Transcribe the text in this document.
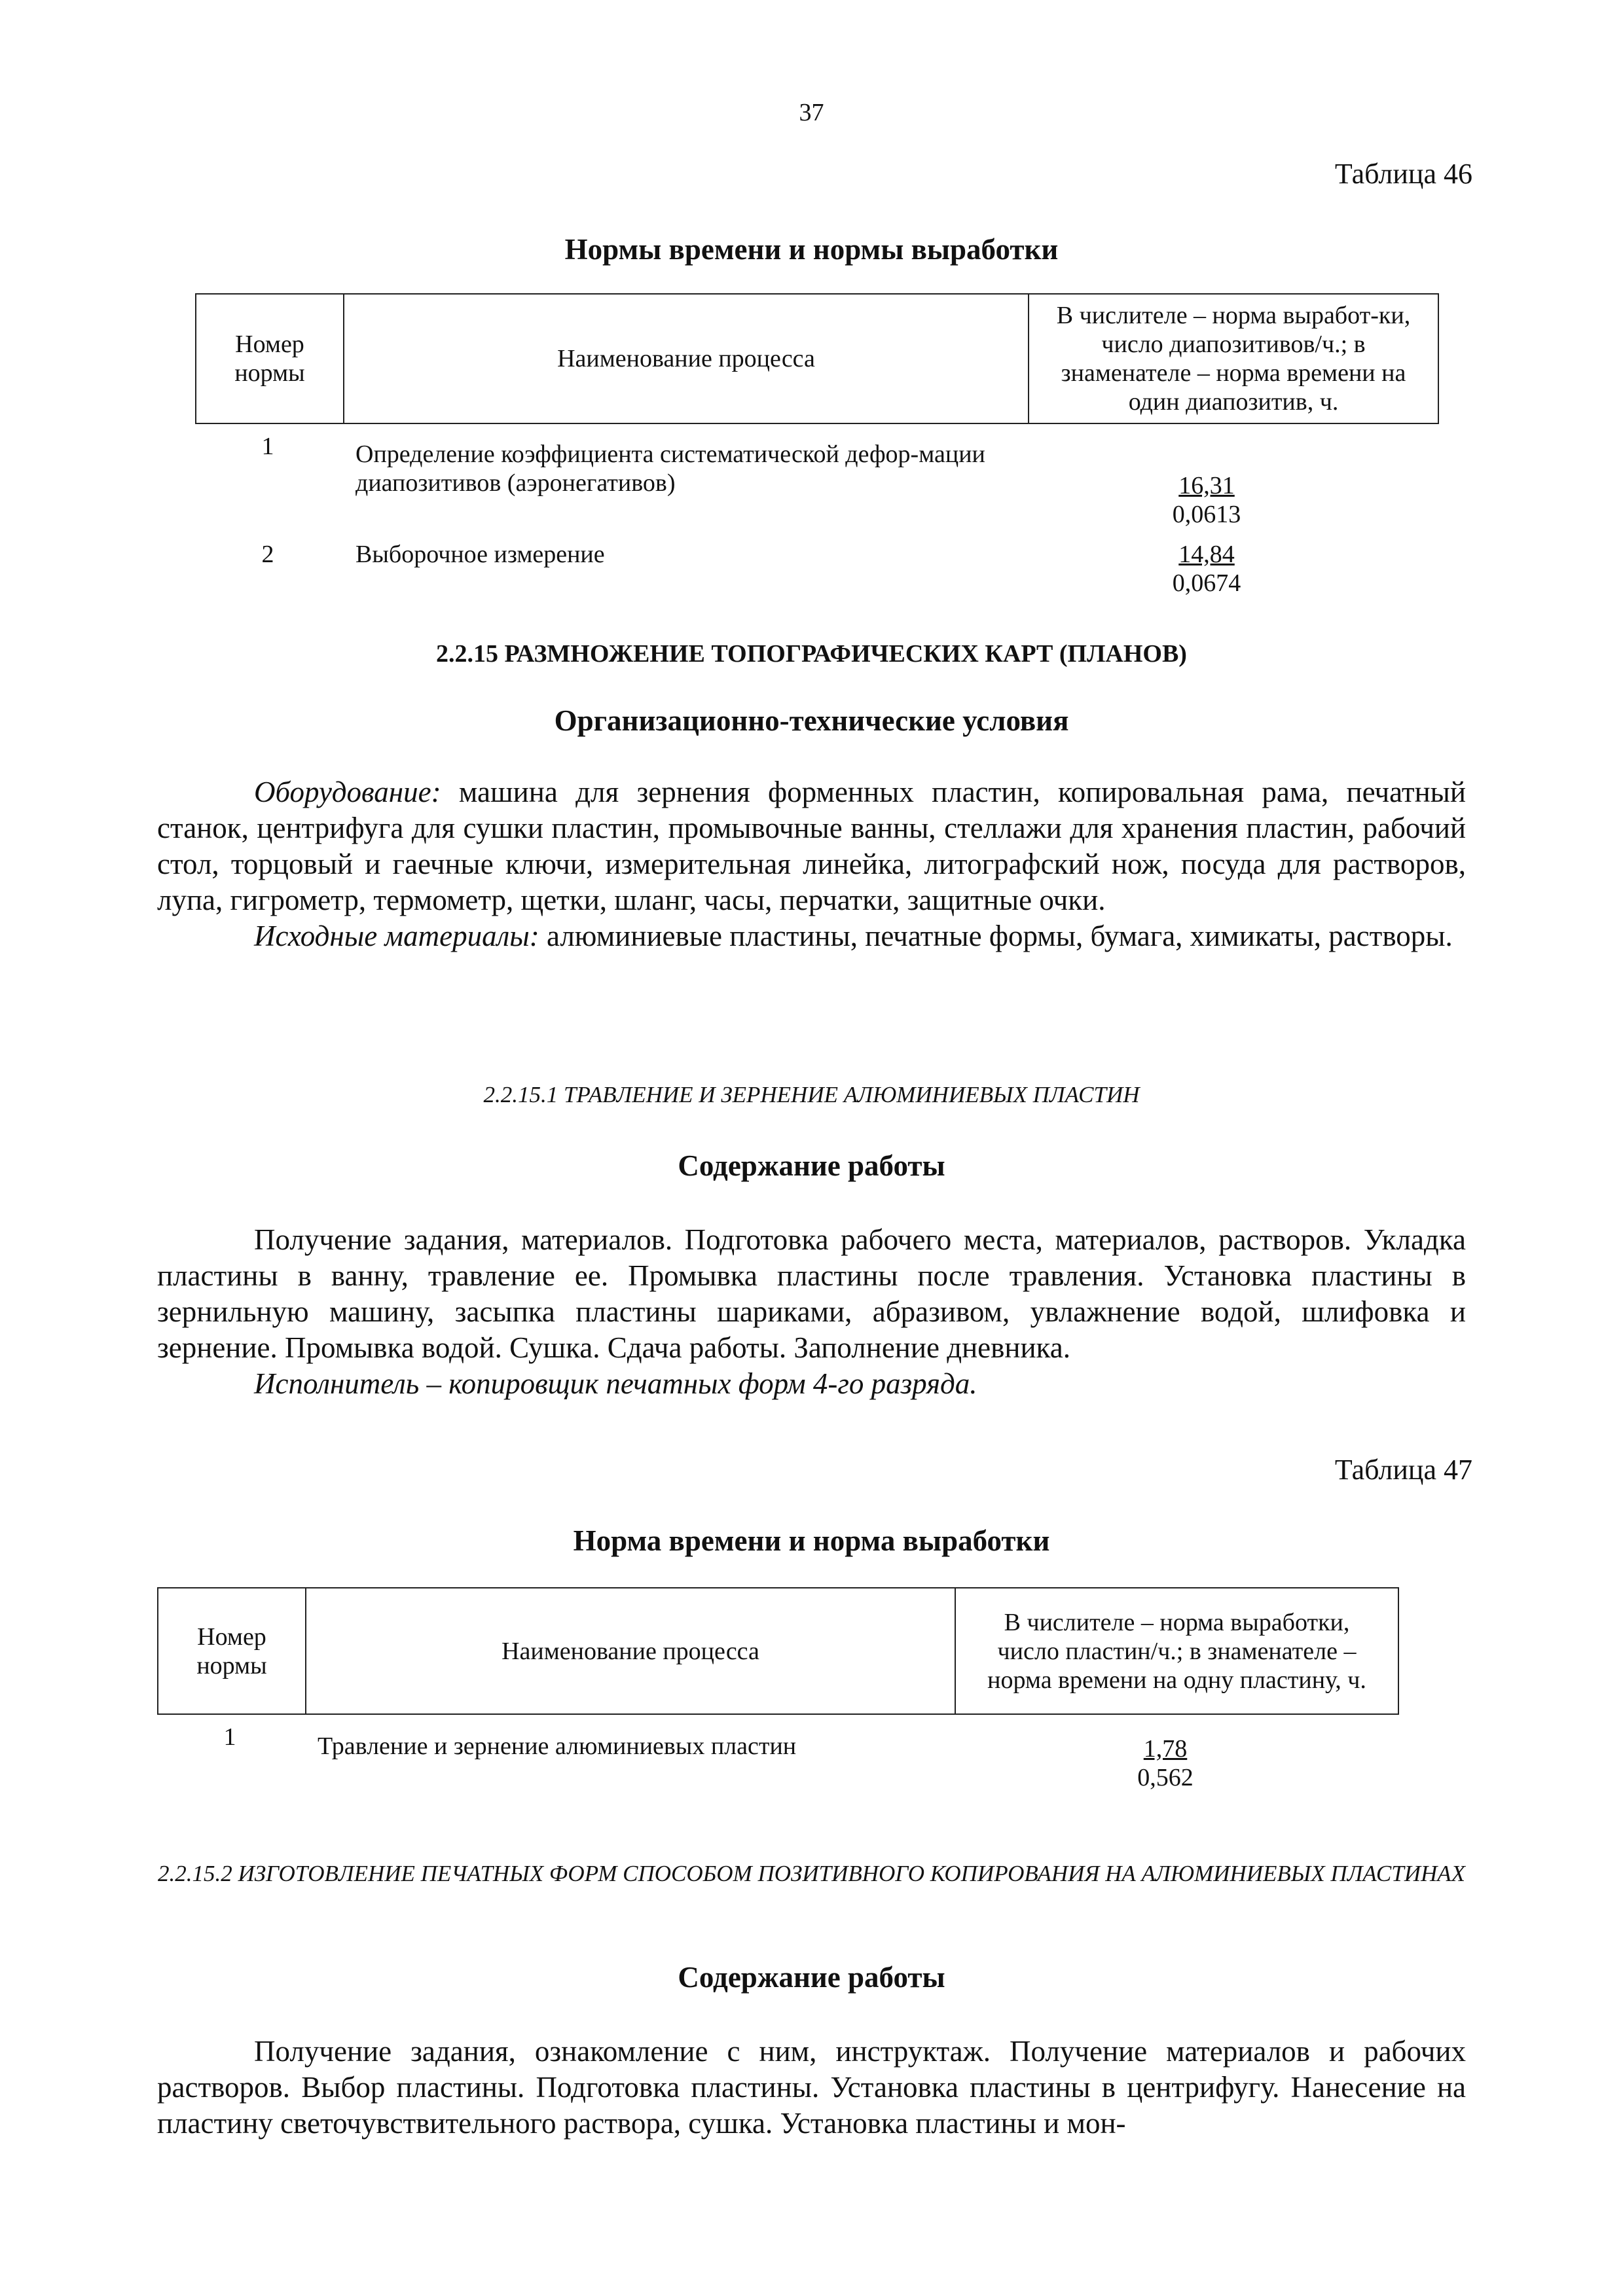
37
Таблица 46
Нормы времени и нормы выработки
Номер нормы	Наименование процесса	В числителе – норма выработ-ки, число диапозитивов/ч.; в знаменателе – норма времени на один диапозитив, ч.
1	Определение коэффициента систематической дефор-мации диапозитивов (аэронегативов)	$\frac{16,31}{0,0613}$
2	Выборочное измерение	$\frac{14,84}{0,0674}$
2.2.15 РАЗМНОЖЕНИЕ ТОПОГРАФИЧЕСКИХ КАРТ (ПЛАНОВ)
Организационно-технические условия

Оборудование: машина для зернения форменных пластин, копировальная рама, печатный станок, центрифуга для сушки пластин, промывочные ванны, стеллажи для хранения пластин, рабочий стол, торцовый и гаечные ключи, измерительная линейка, литографский нож, посуда для растворов, лупа, гигрометр, термометр, щетки, шланг, часы, перчатки, защитные очки.

Исходные материалы: алюминиевые пластины, печатные формы, бумага, химикаты, растворы.

2.2.15.1 ТРАВЛЕНИЕ И ЗЕРНЕНИЕ АЛЮМИНИЕВЫХ ПЛАСТИН
Содержание работы

Получение задания, материалов. Подготовка рабочего места, материалов, растворов. Укладка пластины в ванну, травление ее. Промывка пластины после травления. Установка пластины в зернильную машину, засыпка пластины шариками, абразивом, увлажнение водой, шлифовка и зернение. Промывка водой. Сушка. Сдача работы. Заполнение дневника.

Исполнитель – копировщик печатных форм 4-го разряда.

Таблица 47
Норма времени и норма выработки
Номер нормы	Наименование процесса	В числителе – норма выработки, число пластин/ч.; в знаменателе – норма времени на одну пластину, ч.
1	Травление и зернение алюминиевых пластин	$\frac{1,78}{0,562}$
2.2.15.2 ИЗГОТОВЛЕНИЕ ПЕЧАТНЫХ ФОРМ СПОСОБОМ ПОЗИТИВНОГО КОПИРОВАНИЯ НА АЛЮМИНИЕВЫХ ПЛАСТИНАХ
Содержание работы

Получение задания, ознакомление с ним, инструктаж. Получение материалов и рабочих растворов. Выбор пластины. Подготовка пластины. Установка пластины в центрифугу. Нанесение на пластину светочувствительного раствора, сушка. Установка пластины и мон-
